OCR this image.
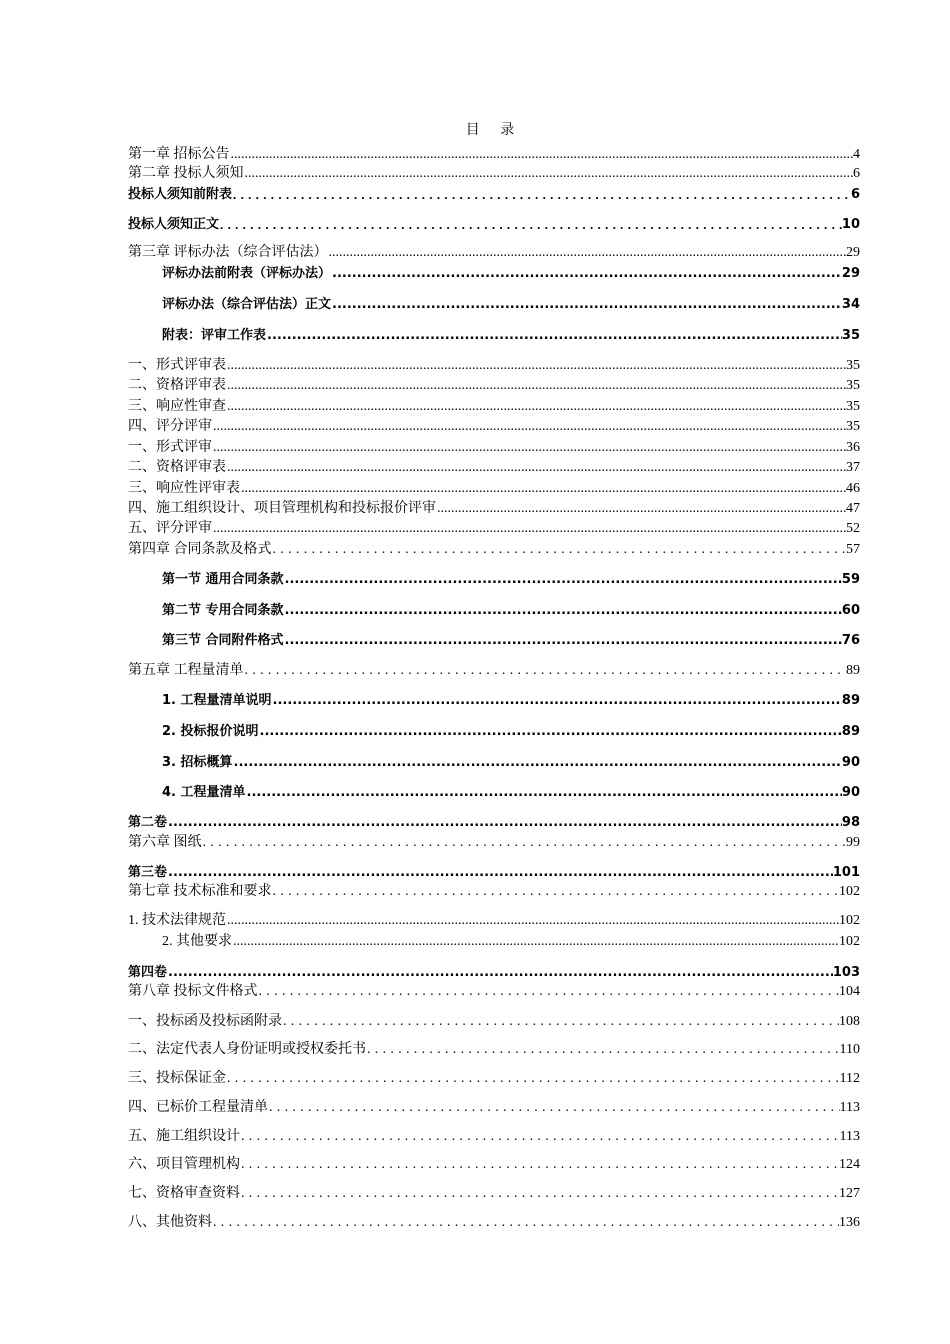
目 录
第一章 招标公告 .....	4
第二章 投标人须知 .....	6
投标人须知前附表 .....	6
投标人须知正文 .....	10
第三章 评标办法（综合评估法） .....	29
评标办法前附表（评标办法） .....	29
评标办法（综合评估法）正文 .....	34
附表：评审工作表 .....	35
一、形式评审表 .....	35
二、资格评审表 .....	35
三、响应性审查 .....	35
四、评分评审 .....	35
一、形式评审 .....	36
二、资格评审表 .....	37
三、响应性评审表 .....	46
四、施工组织设计、项目管理机构和投标报价评审 .....	47
五、评分评审 .....	52
第四章 合同条款及格式 .....	57
第一节 通用合同条款 .....	59
第二节 专用合同条款 .....	60
第三节 合同附件格式 .....	76
第五章 工程量清单 .....	89
1. 工程量清单说明 .....	89
2. 投标报价说明 .....	89
3. 招标概算 .....	90
4. 工程量清单 .....	90
第二卷 .....	98
第六章 图纸 .....	99
第三卷 .....	101
第七章 技术标准和要求 .....	102
1. 技术法律规范 .....	102
2. 其他要求 .....	102
第四卷 .....	103
第八章 投标文件格式 .....	104
一、投标函及投标函附录 .....	108
二、法定代表人身份证明或授权委托书 .....	110
三、投标保证金 .....	112
四、已标价工程量清单 .....	113
五、施工组织设计 .....	113
六、项目管理机构 .....	124
七、资格审查资料 .....	127
八、其他资料 .....	136
